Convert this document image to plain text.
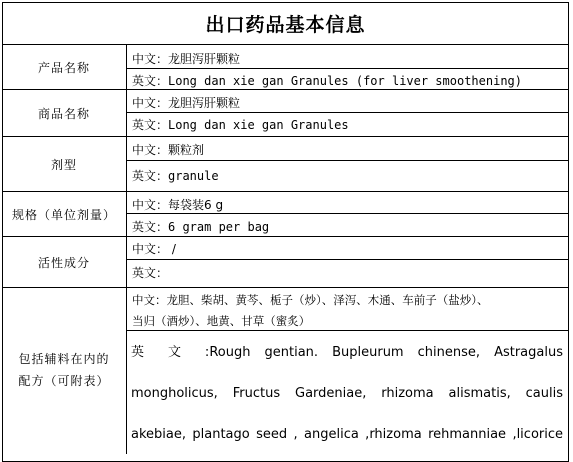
出口药品基本信息
产品名称
中文：龙胆泻肝颗粒
英文：Long dan xie gan Granules (for liver smoothening)
商品名称
中文：龙胆泻肝颗粒
英文：Long dan xie gan Granules
剂型
中文：颗粒剂
英文：granule
规格（单位剂量）
中文：每袋装6 g
英文：6 gram per bag
活性成分
中文： /
英文：
包括辅料在内的
配方（可附表）
中文：龙胆、柴胡、黄芩、栀子（炒）、泽泻、木通、车前子（盐炒）、
当归（酒炒）、地黄、甘草（蜜炙）
英 文 :Rough gentian. Bupleurum chinense, Astragalus
mongholicus, Fructus Gardeniae, rhizoma alismatis, caulis
akebiae, plantago seed , angelica ,rhizoma rehmanniae ,licorice
